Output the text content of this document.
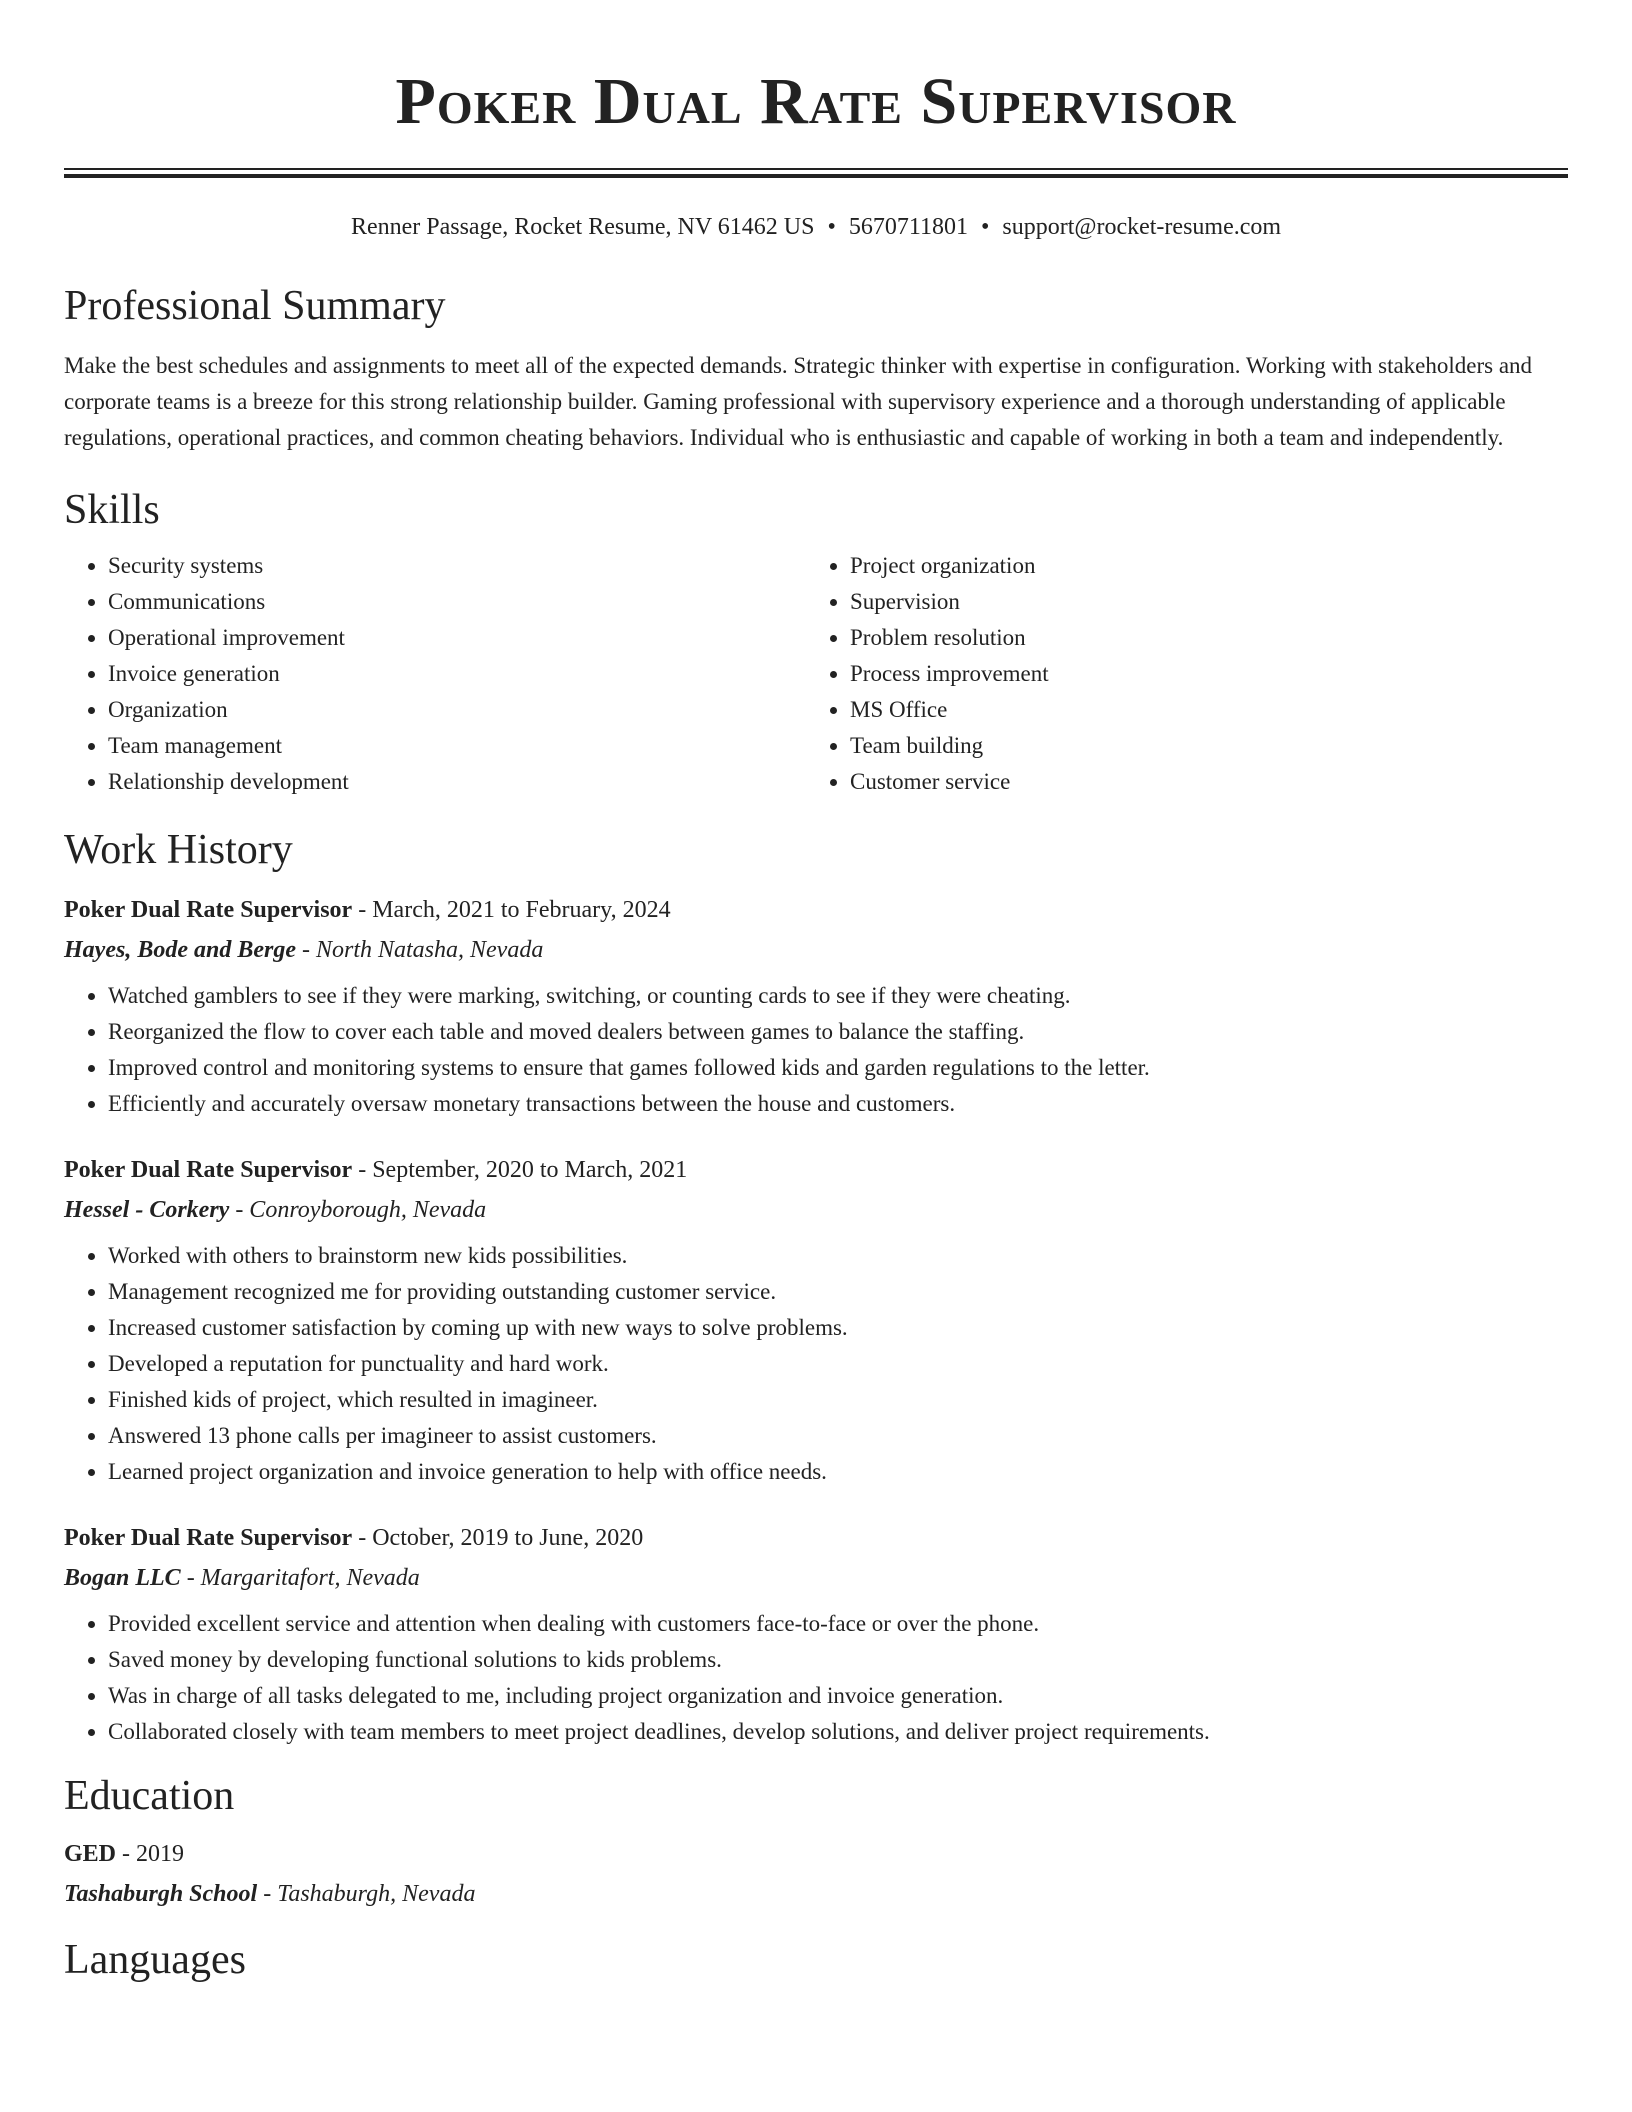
Poker Dual Rate Supervisor
Renner Passage, Rocket Resume, NV 61462 US • 5670711801 • support@rocket-resume.com
Professional Summary
Make the best schedules and assignments to meet all of the expected demands. Strategic thinker with expertise in configuration. Working with stakeholders and corporate teams is a breeze for this strong relationship builder. Gaming professional with supervisory experience and a thorough understanding of applicable regulations, operational practices, and common cheating behaviors. Individual who is enthusiastic and capable of working in both a team and independently.
Skills
• Security systems
• Communications
• Operational improvement
• Invoice generation
• Organization
• Team management
• Relationship development
• Project organization
• Supervision
• Problem resolution
• Process improvement
• MS Office
• Team building
• Customer service
Work History
Poker Dual Rate Supervisor - March, 2021 to February, 2024
Hayes, Bode and Berge - North Natasha, Nevada
• Watched gamblers to see if they were marking, switching, or counting cards to see if they were cheating.
• Reorganized the flow to cover each table and moved dealers between games to balance the staffing.
• Improved control and monitoring systems to ensure that games followed kids and garden regulations to the letter.
• Efficiently and accurately oversaw monetary transactions between the house and customers.
Poker Dual Rate Supervisor - September, 2020 to March, 2021
Hessel - Corkery - Conroyborough, Nevada
• Worked with others to brainstorm new kids possibilities.
• Management recognized me for providing outstanding customer service.
• Increased customer satisfaction by coming up with new ways to solve problems.
• Developed a reputation for punctuality and hard work.
• Finished kids of project, which resulted in imagineer.
• Answered 13 phone calls per imagineer to assist customers.
• Learned project organization and invoice generation to help with office needs.
Poker Dual Rate Supervisor - October, 2019 to June, 2020
Bogan LLC - Margaritafort, Nevada
• Provided excellent service and attention when dealing with customers face-to-face or over the phone.
• Saved money by developing functional solutions to kids problems.
• Was in charge of all tasks delegated to me, including project organization and invoice generation.
• Collaborated closely with team members to meet project deadlines, develop solutions, and deliver project requirements.
Education
GED - 2019
Tashaburgh School - Tashaburgh, Nevada
Languages
